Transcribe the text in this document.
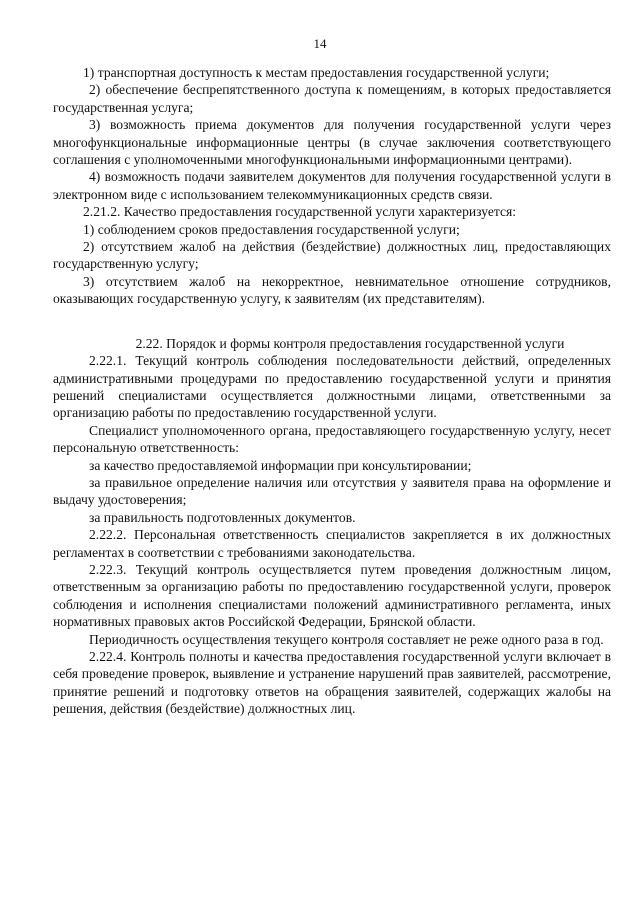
14

1) транспортная доступность к местам предоставления государственной услуги;

2) обеспечение беспрепятственного доступа к помещениям, в которых предоставляется государственная услуга;

3) возможность приема документов для получения государственной услуги через многофункциональные информационные центры (в случае заключения соответствующего соглашения с уполномоченными многофункциональными информационными центрами).

4) возможность подачи заявителем документов для получения государственной услуги в электронном виде с использованием телекоммуникационных средств связи.

2.21.2. Качество предоставления государственной услуги характеризуется:

1) соблюдением сроков предоставления государственной услуги;

2) отсутствием жалоб на действия (бездействие) должностных лиц, предоставляющих государственную услугу;

3) отсутствием жалоб на некорректное, невнимательное отношение сотрудников, оказывающих государственную услугу, к заявителям (их представителям).

2.22. Порядок и формы контроля предоставления государственной услуги

2.22.1. Текущий контроль соблюдения последовательности действий, определенных административными процедурами по предоставлению государственной услуги и принятия решений специалистами осуществляется должностными лицами, ответственными за организацию работы по предоставлению государственной услуги.

Специалист уполномоченного органа, предоставляющего государственную услугу, несет персональную ответственность:

за качество предоставляемой информации при консультировании;

за правильное определение наличия или отсутствия у заявителя права на оформление и выдачу удостоверения;

за правильность подготовленных документов.

2.22.2. Персональная ответственность специалистов закрепляется в их должностных регламентах в соответствии с требованиями законодательства.

2.22.3. Текущий контроль осуществляется путем проведения должностным лицом, ответственным за организацию работы по предоставлению государственной услуги, проверок соблюдения и исполнения специалистами положений административного регламента, иных нормативных правовых актов Российской Федерации, Брянской области.

Периодичность осуществления текущего контроля составляет не реже одного раза в год.

2.22.4. Контроль полноты и качества предоставления государственной услуги включает в себя проведение проверок, выявление и устранение нарушений прав заявителей, рассмотрение, принятие решений и подготовку ответов на обращения заявителей, содержащих жалобы на решения, действия (бездействие) должностных лиц.
